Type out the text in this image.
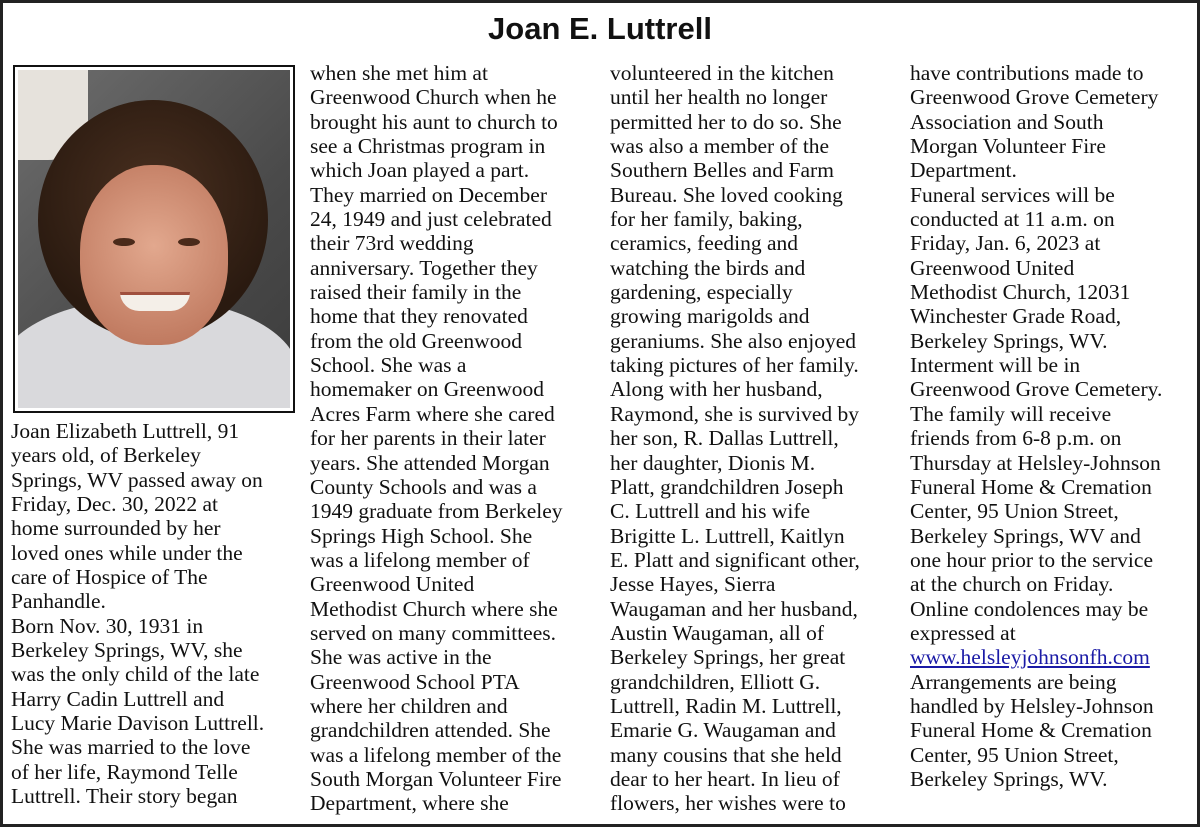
Joan E. Luttrell
Joan Elizabeth Luttrell, 91
years old, of Berkeley
Springs, WV passed away on
Friday, Dec. 30, 2022 at
home surrounded by her
loved ones while under the
care of Hospice of The
Panhandle.
Born Nov. 30, 1931 in
Berkeley Springs, WV, she
was the only child of the late
Harry Cadin Luttrell and
Lucy Marie Davison Luttrell.
She was married to the love
of her life, Raymond Telle
Luttrell. Their story began
when she met him at
Greenwood Church when he
brought his aunt to church to
see a Christmas program in
which Joan played a part.
They married on December
24, 1949 and just celebrated
their 73rd wedding
anniversary. Together they
raised their family in the
home that they renovated
from the old Greenwood
School. She was a
homemaker on Greenwood
Acres Farm where she cared
for her parents in their later
years. She attended Morgan
County Schools and was a
1949 graduate from Berkeley
Springs High School. She
was a lifelong member of
Greenwood United
Methodist Church where she
served on many committees.
She was active in the
Greenwood School PTA
where her children and
grandchildren attended. She
was a lifelong member of the
South Morgan Volunteer Fire
Department, where she
volunteered in the kitchen
until her health no longer
permitted her to do so. She
was also a member of the
Southern Belles and Farm
Bureau. She loved cooking
for her family, baking,
ceramics, feeding and
watching the birds and
gardening, especially
growing marigolds and
geraniums. She also enjoyed
taking pictures of her family.
Along with her husband,
Raymond, she is survived by
her son, R. Dallas Luttrell,
her daughter, Dionis M.
Platt, grandchildren Joseph
C. Luttrell and his wife
Brigitte L. Luttrell, Kaitlyn
E. Platt and significant other,
Jesse Hayes, Sierra
Waugaman and her husband,
Austin Waugaman, all of
Berkeley Springs, her great
grandchildren, Elliott G.
Luttrell, Radin M. Luttrell,
Emarie G. Waugaman and
many cousins that she held
dear to her heart. In lieu of
flowers, her wishes were to
have contributions made to
Greenwood Grove Cemetery
Association and South
Morgan Volunteer Fire
Department.
Funeral services will be
conducted at 11 a.m. on
Friday, Jan. 6, 2023 at
Greenwood United
Methodist Church, 12031
Winchester Grade Road,
Berkeley Springs, WV.
Interment will be in
Greenwood Grove Cemetery.
The family will receive
friends from 6-8 p.m. on
Thursday at Helsley-Johnson
Funeral Home & Cremation
Center, 95 Union Street,
Berkeley Springs, WV and
one hour prior to the service
at the church on Friday.
Online condolences may be
expressed at
www.helsleyjohnsonfh.com
Arrangements are being
handled by Helsley-Johnson
Funeral Home & Cremation
Center, 95 Union Street,
Berkeley Springs, WV.
